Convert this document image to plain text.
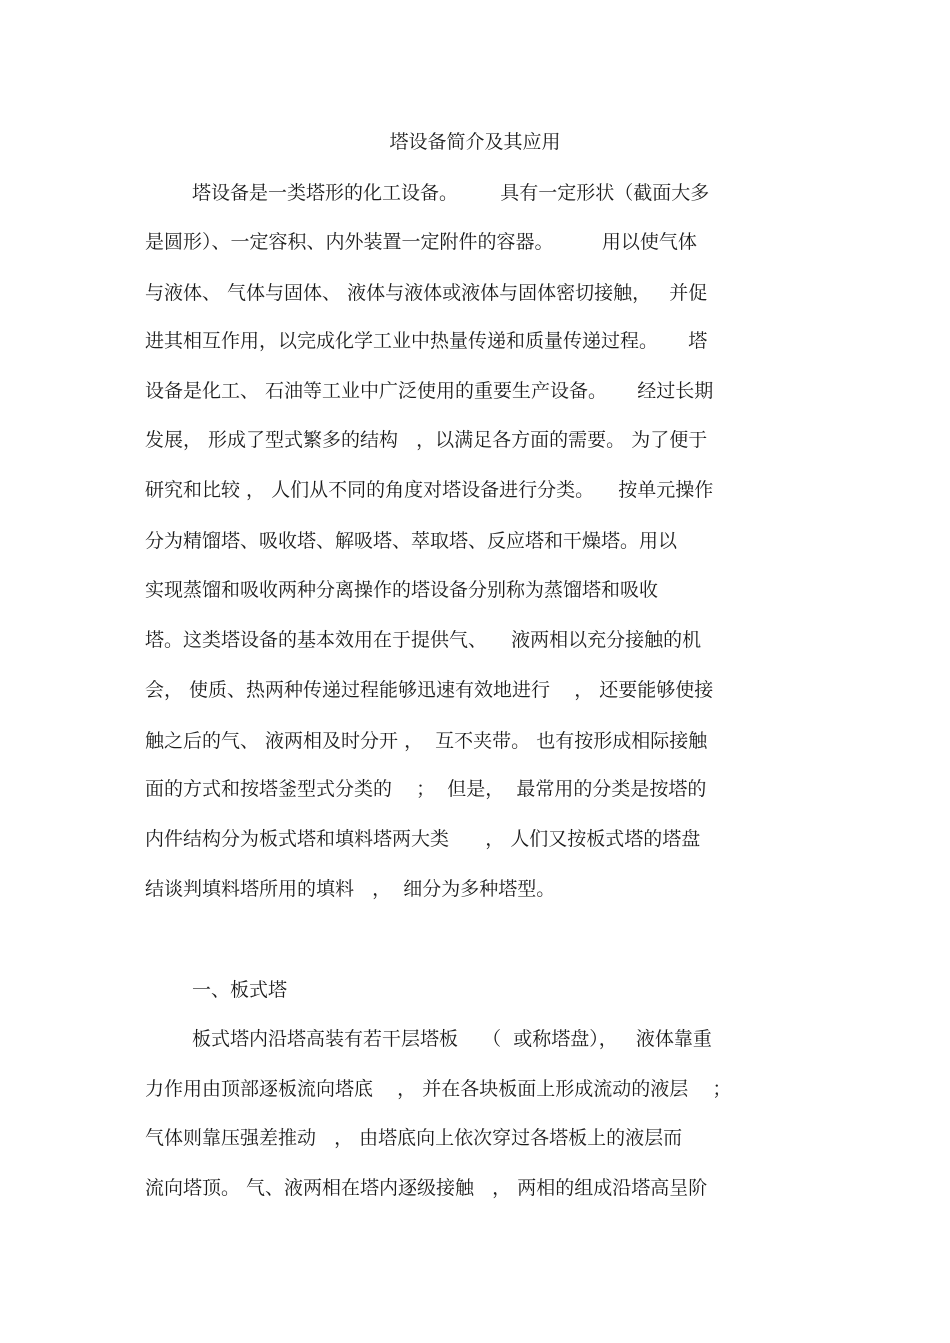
塔设备简介及其应用
塔设备是一类塔形的化工设备。       具有一定形状（截面大多
是圆形）、一定容积、内外装置一定附件的容器。        用以使气体
与液体、 气体与固体、 液体与液体或液体与固体密切接触，   并促
进其相互作用，以完成化学工业中热量传递和质量传递过程。     塔
设备是化工、 石油等工业中广泛使用的重要生产设备。     经过长期
发展， 形成了型式繁多的结构   ，以满足各方面的需要。 为了便于
研究和比较 ， 人们从不同的角度对塔设备进行分类。    按单元操作
分为精馏塔、吸收塔、解吸塔、萃取塔、反应塔和干燥塔。用以
实现蒸馏和吸收两种分离操作的塔设备分别称为蒸馏塔和吸收
塔。这类塔设备的基本效用在于提供气、    液两相以充分接触的机
会， 使质、热两种传递过程能够迅速有效地进行    ， 还要能够使接
触之后的气、 液两相及时分开 ，  互不夹带。 也有按形成相际接触
面的方式和按塔釜型式分类的    ；  但是，  最常用的分类是按塔的
内件结构分为板式塔和填料塔两大类      ， 人们又按板式塔的塔盘
结谈判填料塔所用的填料   ，  细分为多种塔型。
一、板式塔
板式塔内沿塔高装有若干层塔板    （  或称塔盘），   液体靠重
力作用由顶部逐板流向塔底    ， 并在各块板面上形成流动的液层    ；
气体则靠压强差推动   ， 由塔底向上依次穿过各塔板上的液层而
流向塔顶。 气、液两相在塔内逐级接触   ， 两相的组成沿塔高呈阶
